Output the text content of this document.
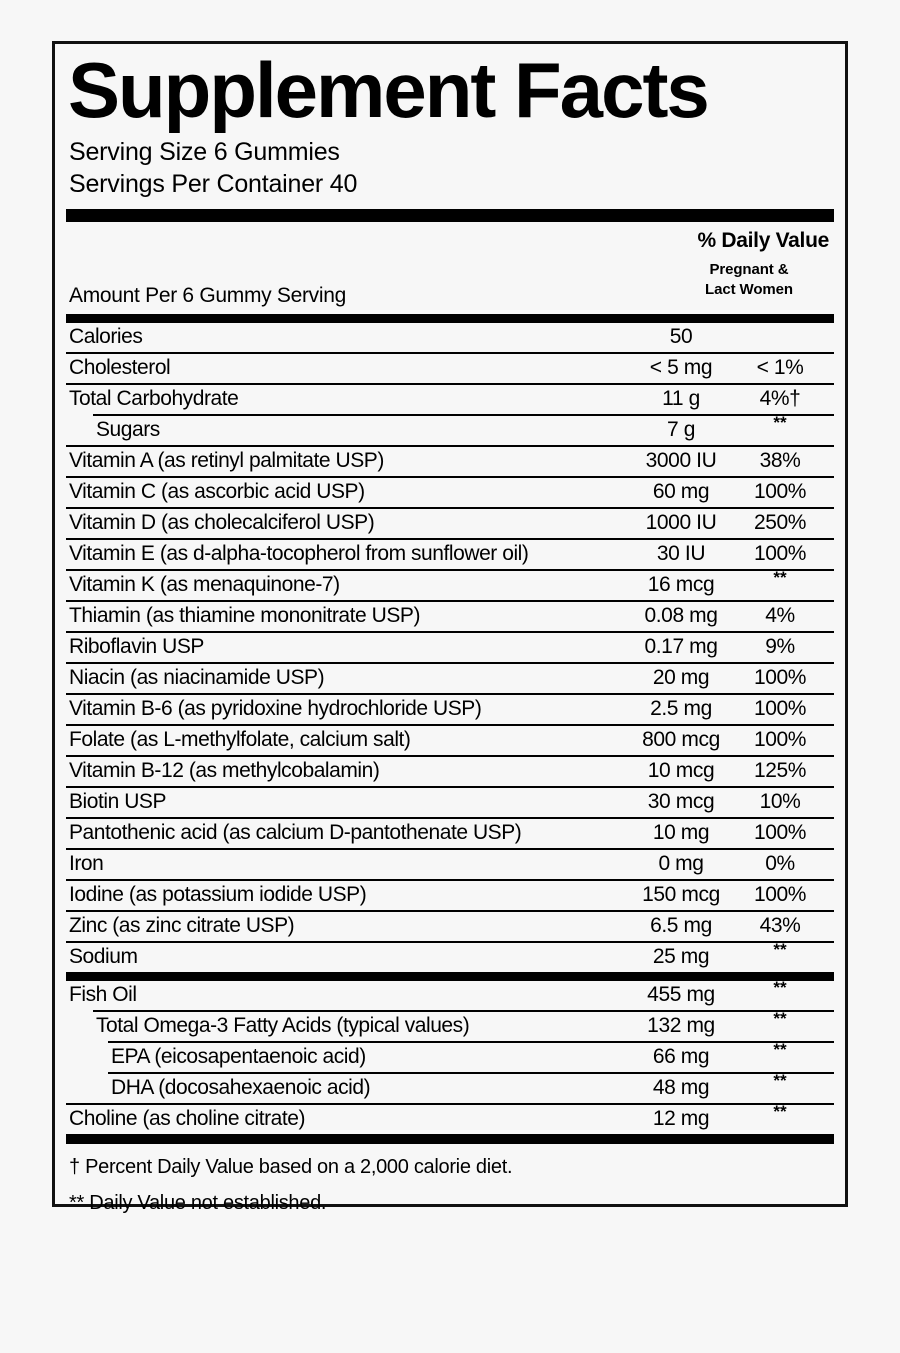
Supplement Facts
Serving Size 6 Gummies
Servings Per Container 40
% Daily Value
Pregnant &
Lact Women
Amount Per 6 Gummy Serving
Calories	50
Cholesterol	< 5 mg	< 1%
Total Carbohydrate	11 g	4%†
Sugars	7 g	**
Vitamin A (as retinyl palmitate USP)	3000 IU	38%
Vitamin C (as ascorbic acid USP)	60 mg	100%
Vitamin D (as cholecalciferol USP)	1000 IU	250%
Vitamin E (as d-alpha-tocopherol from sunflower oil)	30 IU	100%
Vitamin K (as menaquinone-7)	16 mcg	**
Thiamin (as thiamine mononitrate USP)	0.08 mg	4%
Riboflavin USP	0.17 mg	9%
Niacin (as niacinamide USP)	20 mg	100%
Vitamin B-6 (as pyridoxine hydrochloride USP)	2.5 mg	100%
Folate (as L-methylfolate, calcium salt)	800 mcg	100%
Vitamin B-12 (as methylcobalamin)	10 mcg	125%
Biotin USP	30 mcg	10%
Pantothenic acid (as calcium D-pantothenate USP)	10 mg	100%
Iron	0 mg	0%
Iodine (as potassium iodide USP)	150 mcg	100%
Zinc (as zinc citrate USP)	6.5 mg	43%
Sodium	25 mg	**
Fish Oil	455 mg	**
Total Omega-3 Fatty Acids (typical values)	132 mg	**
EPA (eicosapentaenoic acid)	66 mg	**
DHA (docosahexaenoic acid)	48 mg	**
Choline (as choline citrate)	12 mg	**
† Percent Daily Value based on a 2,000 calorie diet.
** Daily Value not established.
